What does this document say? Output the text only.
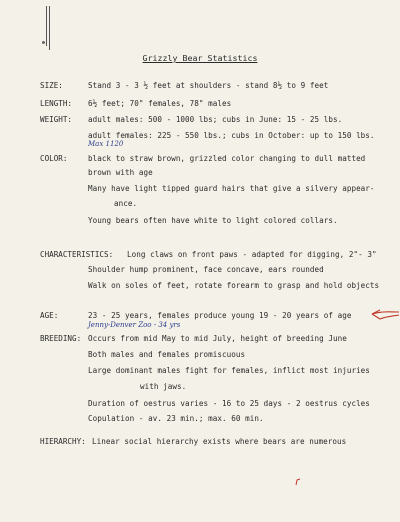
Grizzly Bear Statistics
SIZE:	Stand 3 - 3 ½ feet at shoulders - stand 8½ to 9 feet
LENGTH: 6½ feet; 70" females, 78" males
WEIGHT: adult males: 500 - 1000 lbs; cubs in June: 15 - 25 lbs.
adult females: 225 - 550 lbs.; cubs in October: up to 150 lbs.
Max 1120
COLOR:	black to straw brown, grizzled color changing to dull matted
brown with age
Many have light tipped guard hairs that give a silvery appear-
ance.
Young bears often have white to light colored collars.
CHARACTERISTICS: Long claws on front paws - adapted for digging, 2"- 3"
Shoulder hump prominent, face concave, ears rounded
Walk on soles of feet, rotate forearm to grasp and hold objects
AGE:	23 - 25 years, females produce young 19 - 20 years of age
Jenny-Denver Zoo - 34 yrs
BREEDING: Occurs from mid May to mid July, height of breeding June
Both males and females promiscuous
Large dominant males fight for females, inflict most injuries
with jaws.
Duration of oestrus varies - 16 to 25 days - 2 oestrus cycles
Copulation - av. 23 min.; max. 60 min.
HIERARCHY: Linear social hierarchy exists where bears are numerous
